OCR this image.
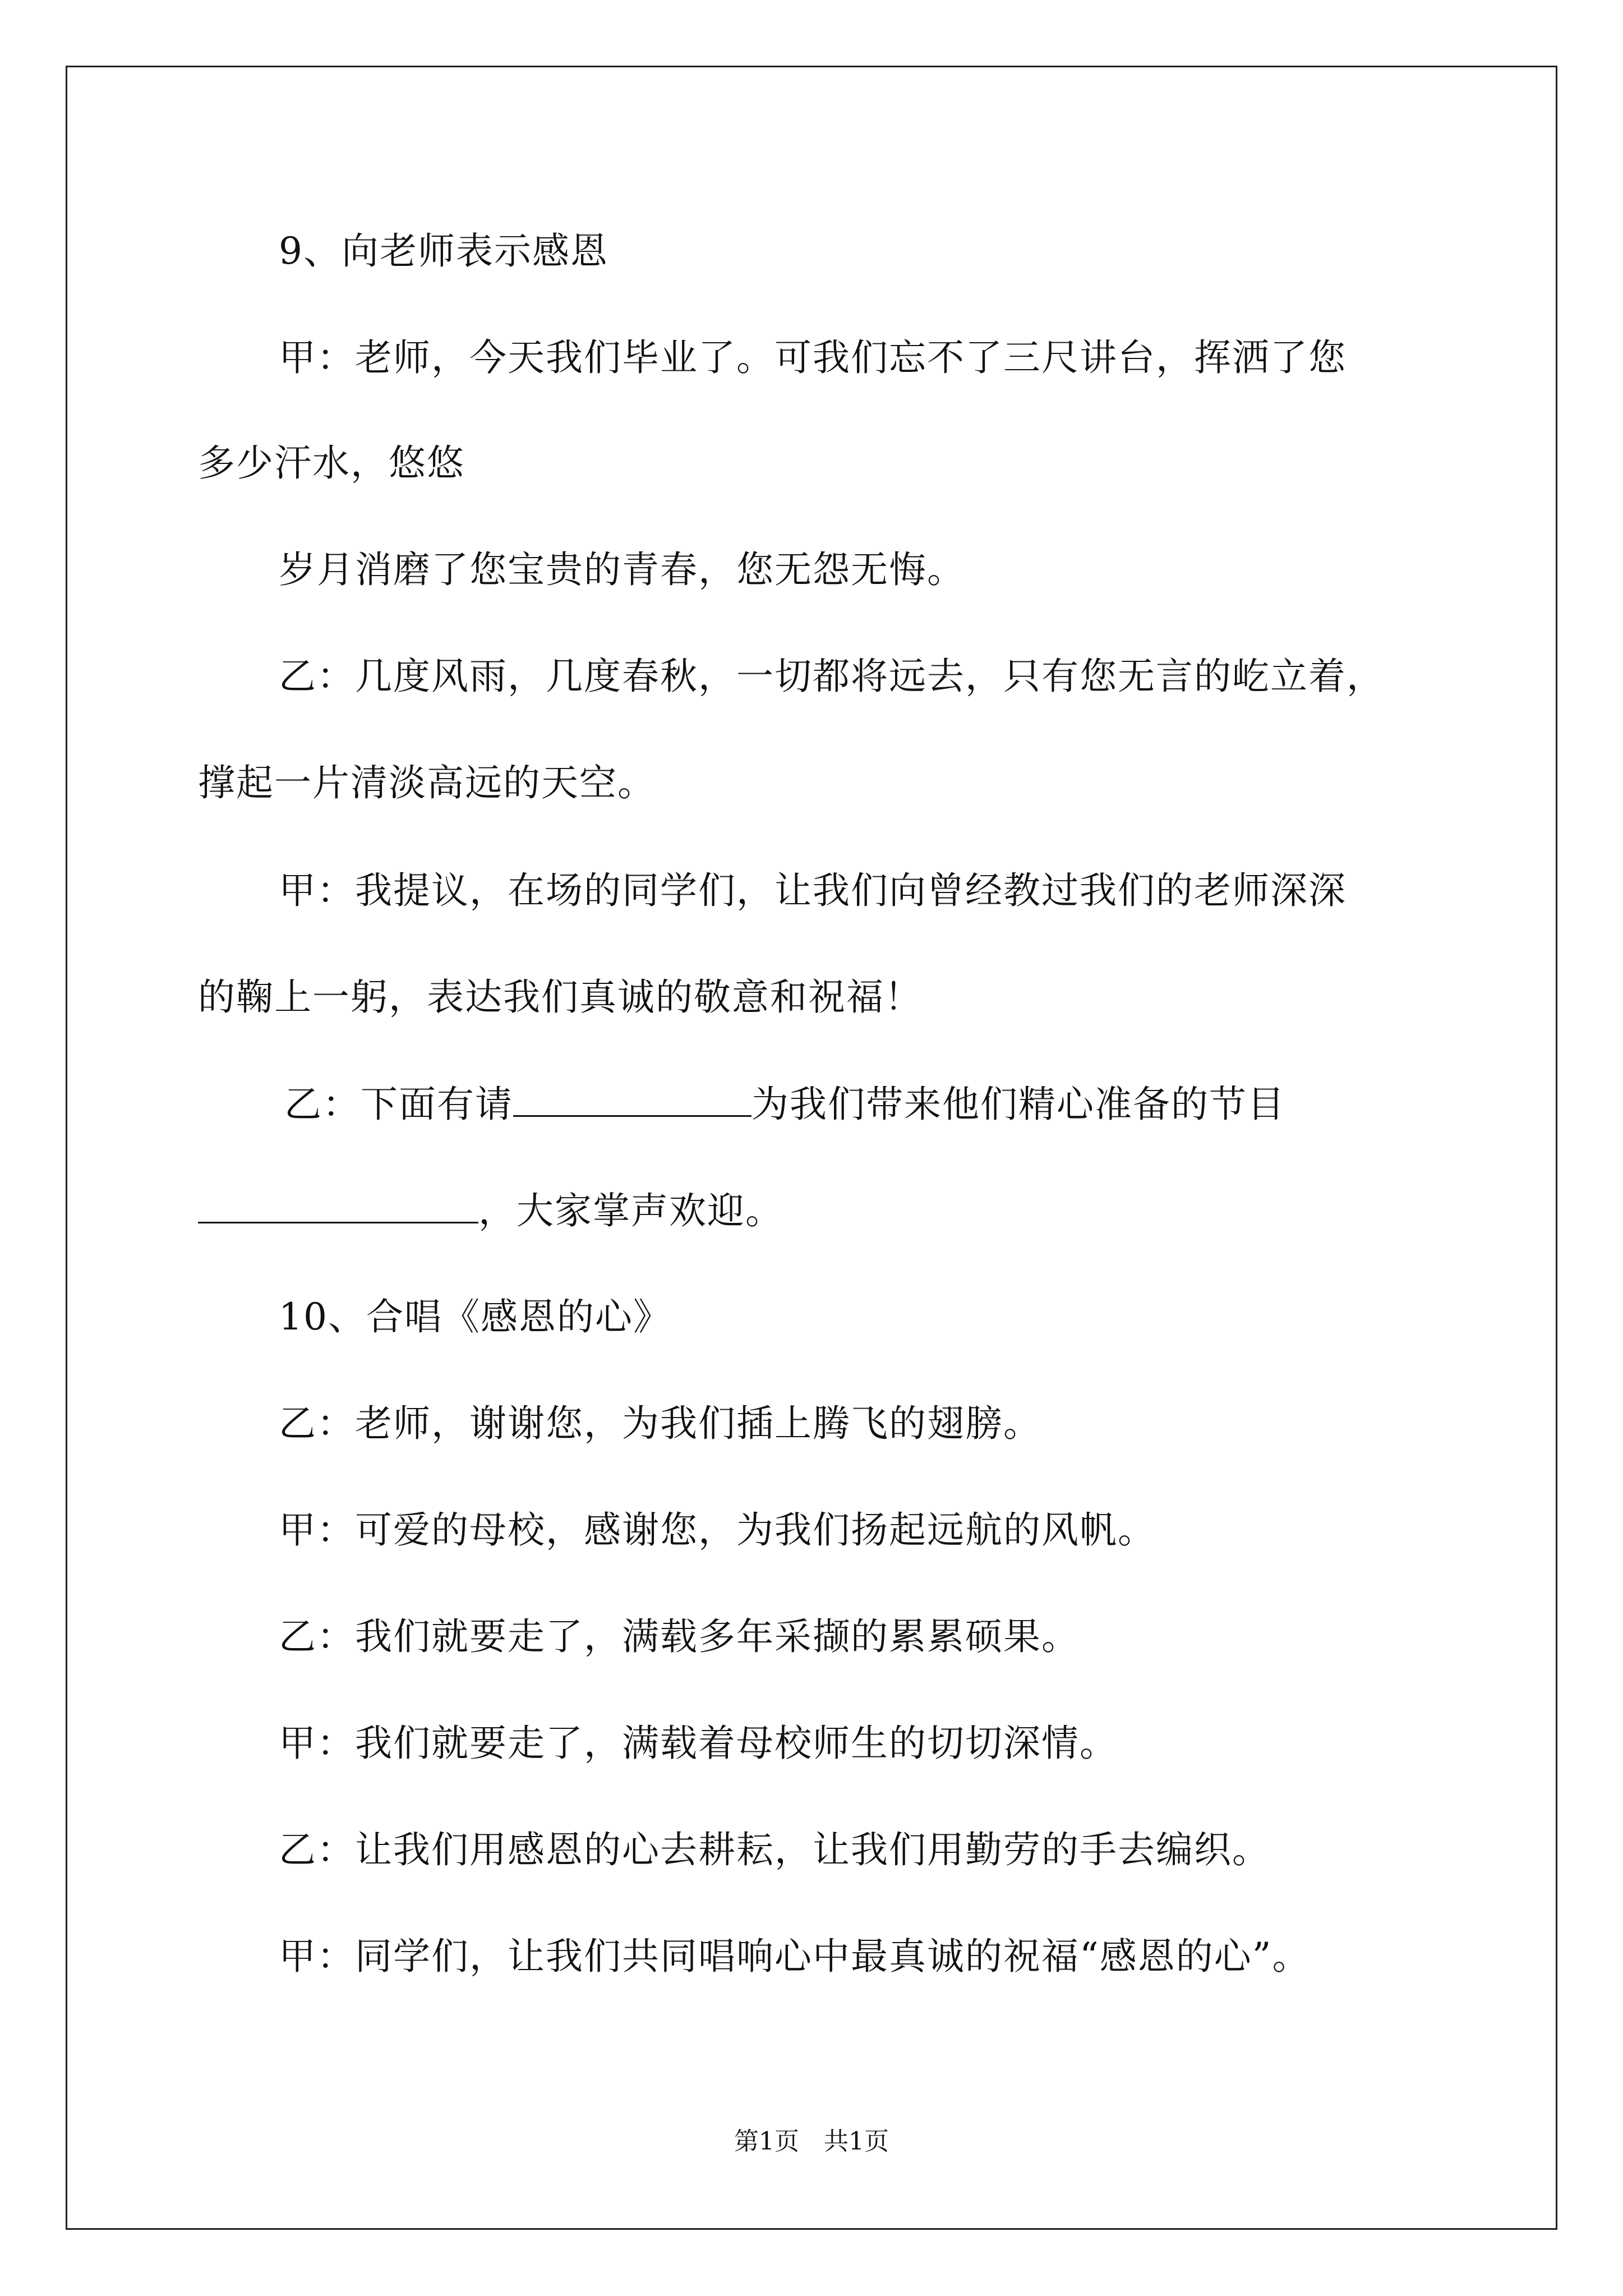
9、向老师表示感恩
甲：老师，今天我们毕业了。可我们忘不了三尺讲台，挥洒了您
多少汗水，悠悠
岁月消磨了您宝贵的青春，您无怨无悔。
乙：几度风雨，几度春秋，一切都将远去，只有您无言的屹立着，
撑起一片清淡高远的天空。
甲：我提议，在场的同学们，让我们向曾经教过我们的老师深深
的鞠上一躬，表达我们真诚的敬意和祝福！
乙：下面有请	为我们带来他们精心准备的节目
，大家掌声欢迎。
10、合唱《感恩的心》
乙：老师，谢谢您，为我们插上腾飞的翅膀。
甲：可爱的母校，感谢您，为我们扬起远航的风帆。
乙：我们就要走了，满载多年采撷的累累硕果。
甲：我们就要走了，满载着母校师生的切切深情。
乙：让我们用感恩的心去耕耘，让我们用勤劳的手去编织。
甲：同学们，让我们共同唱响心中最真诚的祝福“感恩的心”。
第1页 共1页
